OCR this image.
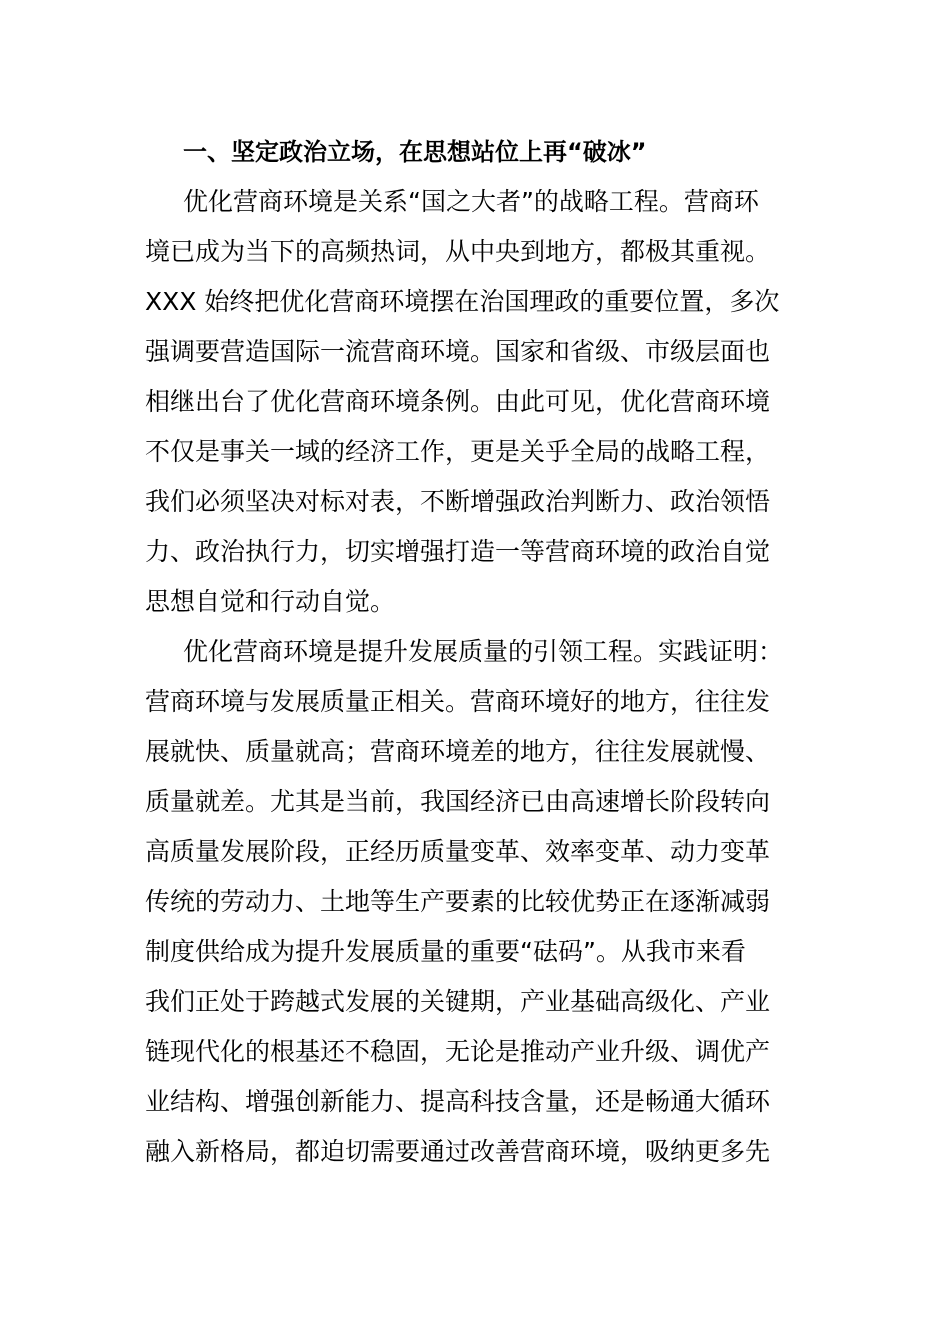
一、坚定政治立场，在思想站位上再“破冰”
优化营商环境是关系“国之大者”的战略工程。营商环
境已成为当下的高频热词，从中央到地方，都极其重视。
XXX 始终把优化营商环境摆在治国理政的重要位置，多次
强调要营造国际一流营商环境。国家和省级、市级层面也
相继出台了优化营商环境条例。由此可见，优化营商环境
不仅是事关一域的经济工作，更是关乎全局的战略工程，
我们必须坚决对标对表，不断增强政治判断力、政治领悟
力、政治执行力，切实增强打造一等营商环境的政治自觉
思想自觉和行动自觉。
优化营商环境是提升发展质量的引领工程。实践证明：
营商环境与发展质量正相关。营商环境好的地方，往往发
展就快、质量就高；营商环境差的地方，往往发展就慢、
质量就差。尤其是当前，我国经济已由高速增长阶段转向
高质量发展阶段，正经历质量变革、效率变革、动力变革
传统的劳动力、土地等生产要素的比较优势正在逐渐减弱
制度供给成为提升发展质量的重要“砝码”。从我市来看
我们正处于跨越式发展的关键期，产业基础高级化、产业
链现代化的根基还不稳固，无论是推动产业升级、调优产
业结构、增强创新能力、提高科技含量，还是畅通大循环
融入新格局，都迫切需要通过改善营商环境，吸纳更多先
